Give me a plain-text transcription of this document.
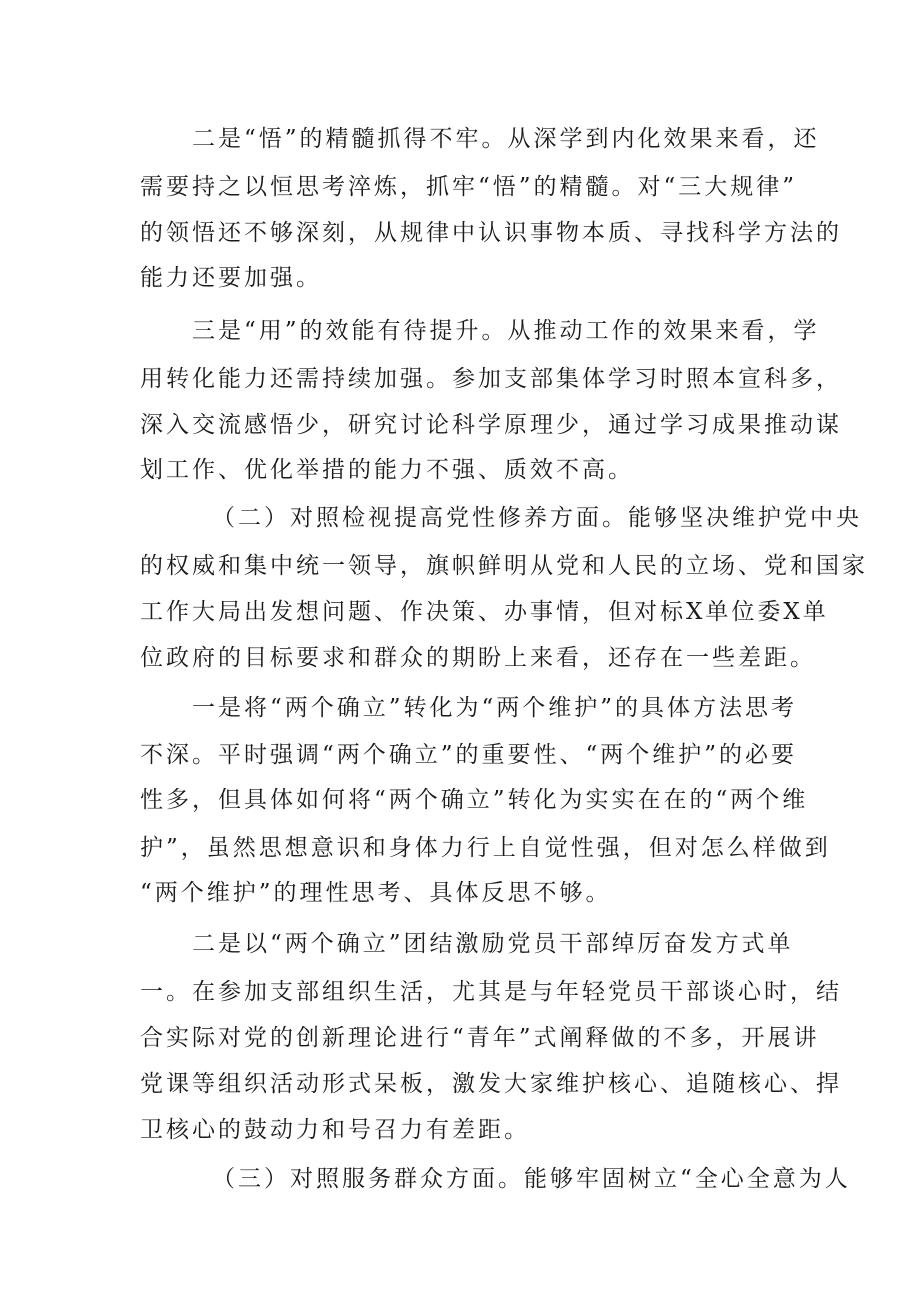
二是“悟”的精髓抓得不牢。从深学到内化效果来看，还

需要持之以恒思考淬炼，抓牢“悟”的精髓。对“三大规律”

的领悟还不够深刻，从规律中认识事物本质、寻找科学方法的

能力还要加强。

三是“用”的效能有待提升。从推动工作的效果来看，学

用转化能力还需持续加强。参加支部集体学习时照本宣科多，

深入交流感悟少，研究讨论科学原理少，通过学习成果推动谋

划工作、优化举措的能力不强、质效不高。

（二）对照检视提高党性修养方面。能够坚决维护党中央

的权威和集中统一领导，旗帜鲜明从党和人民的立场、党和国家

工作大局出发想问题、作决策、办事情，但对标X单位委X单

位政府的目标要求和群众的期盼上来看，还存在一些差距。

一是将“两个确立”转化为“两个维护”的具体方法思考

不深。平时强调“两个确立”的重要性、“两个维护”的必要

性多，但具体如何将“两个确立”转化为实实在在的“两个维

护”，虽然思想意识和身体力行上自觉性强，但对怎么样做到

“两个维护”的理性思考、具体反思不够。

二是以“两个确立”团结激励党员干部绰厉奋发方式单

一。在参加支部组织生活，尤其是与年轻党员干部谈心时，结

合实际对党的创新理论进行“青年”式阐释做的不多，开展讲

党课等组织活动形式呆板，激发大家维护核心、追随核心、捍

卫核心的鼓动力和号召力有差距。

（三）对照服务群众方面。能够牢固树立“全心全意为人
